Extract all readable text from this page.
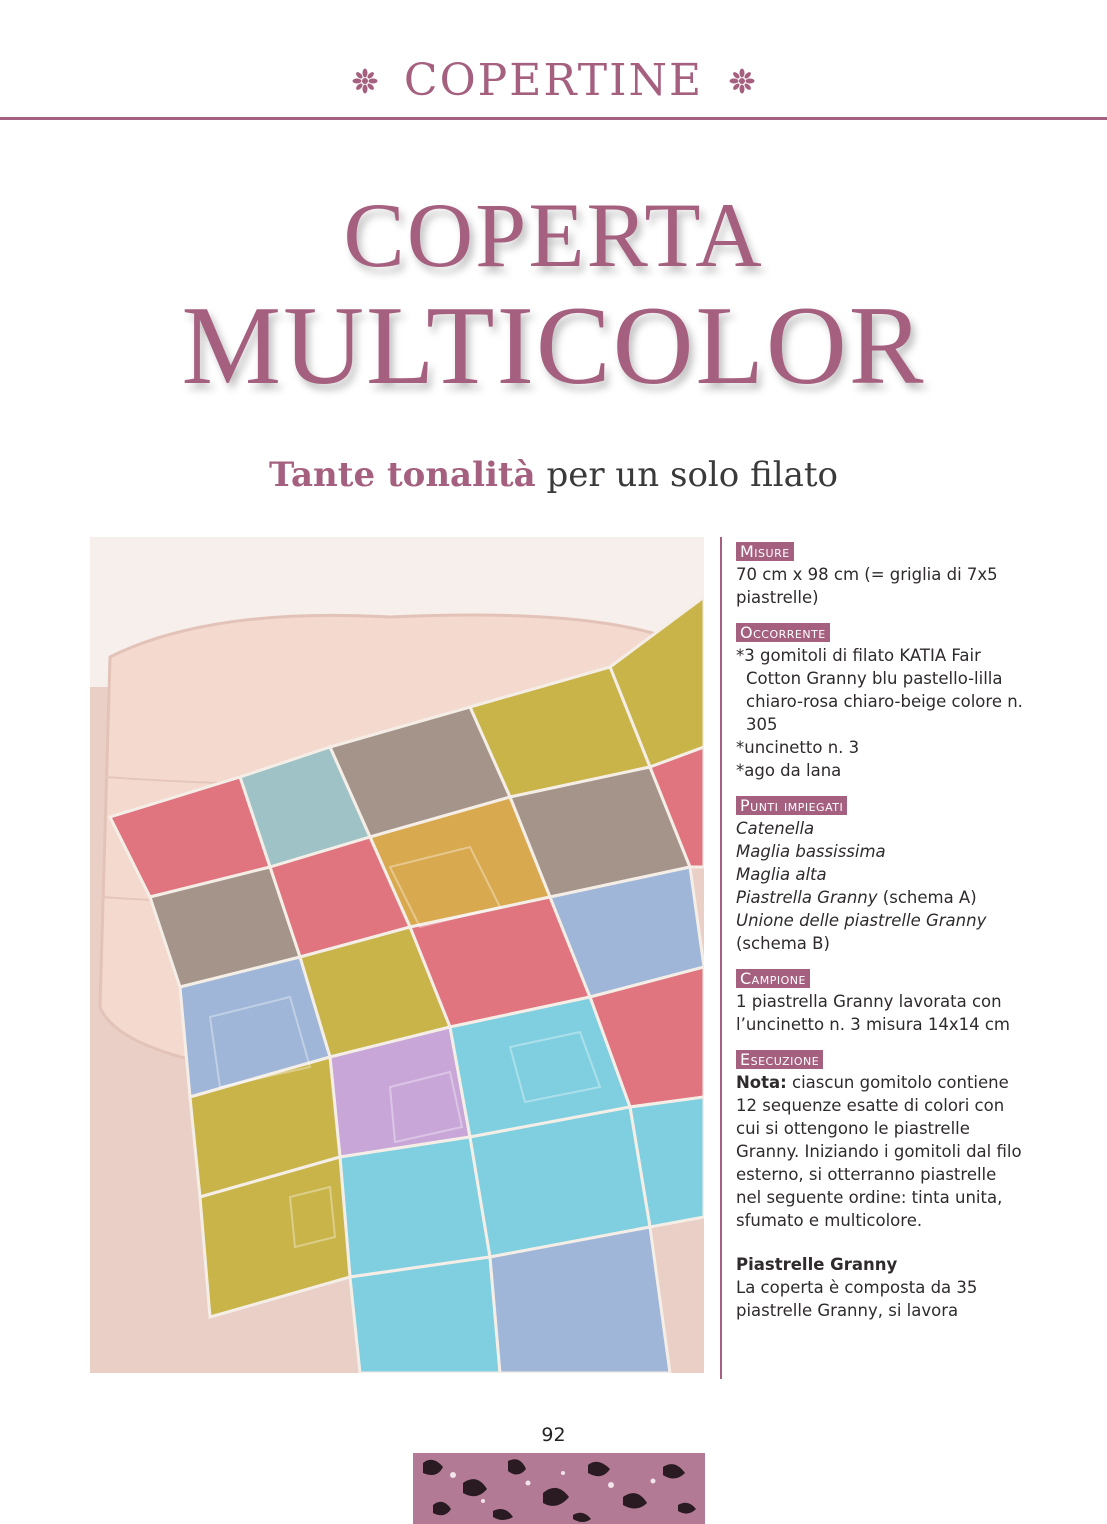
COPERTINE
COPERTA
MULTICOLOR
Tante tonalità per un solo filato
Misure

70 cm x 98 cm (= griglia di 7x5 piastrelle)

Occorrente

*3 gomitoli di filato KATIA Fair Cotton Granny blu pastello-lilla chiaro-rosa chiaro-beige colore n. 305

*uncinetto n. 3

*ago da lana

Punti impiegati

Catenella

Maglia bassissima

Maglia alta

Piastrella Granny (schema A)

Unione delle piastrelle Granny (schema B)

Campione

1 piastrella Granny lavorata con l’uncinetto n. 3 misura 14x14 cm

Esecuzione

Nota: ciascun gomitolo contiene 12 sequenze esatte di colori con cui si ottengono le piastrelle Granny. Iniziando i gomitoli dal filo esterno, si otterranno piastrelle nel seguente ordine: tinta unita, sfumato e multicolore.

Piastrelle Granny

La coperta è composta da 35 piastrelle Granny, si lavora

92
